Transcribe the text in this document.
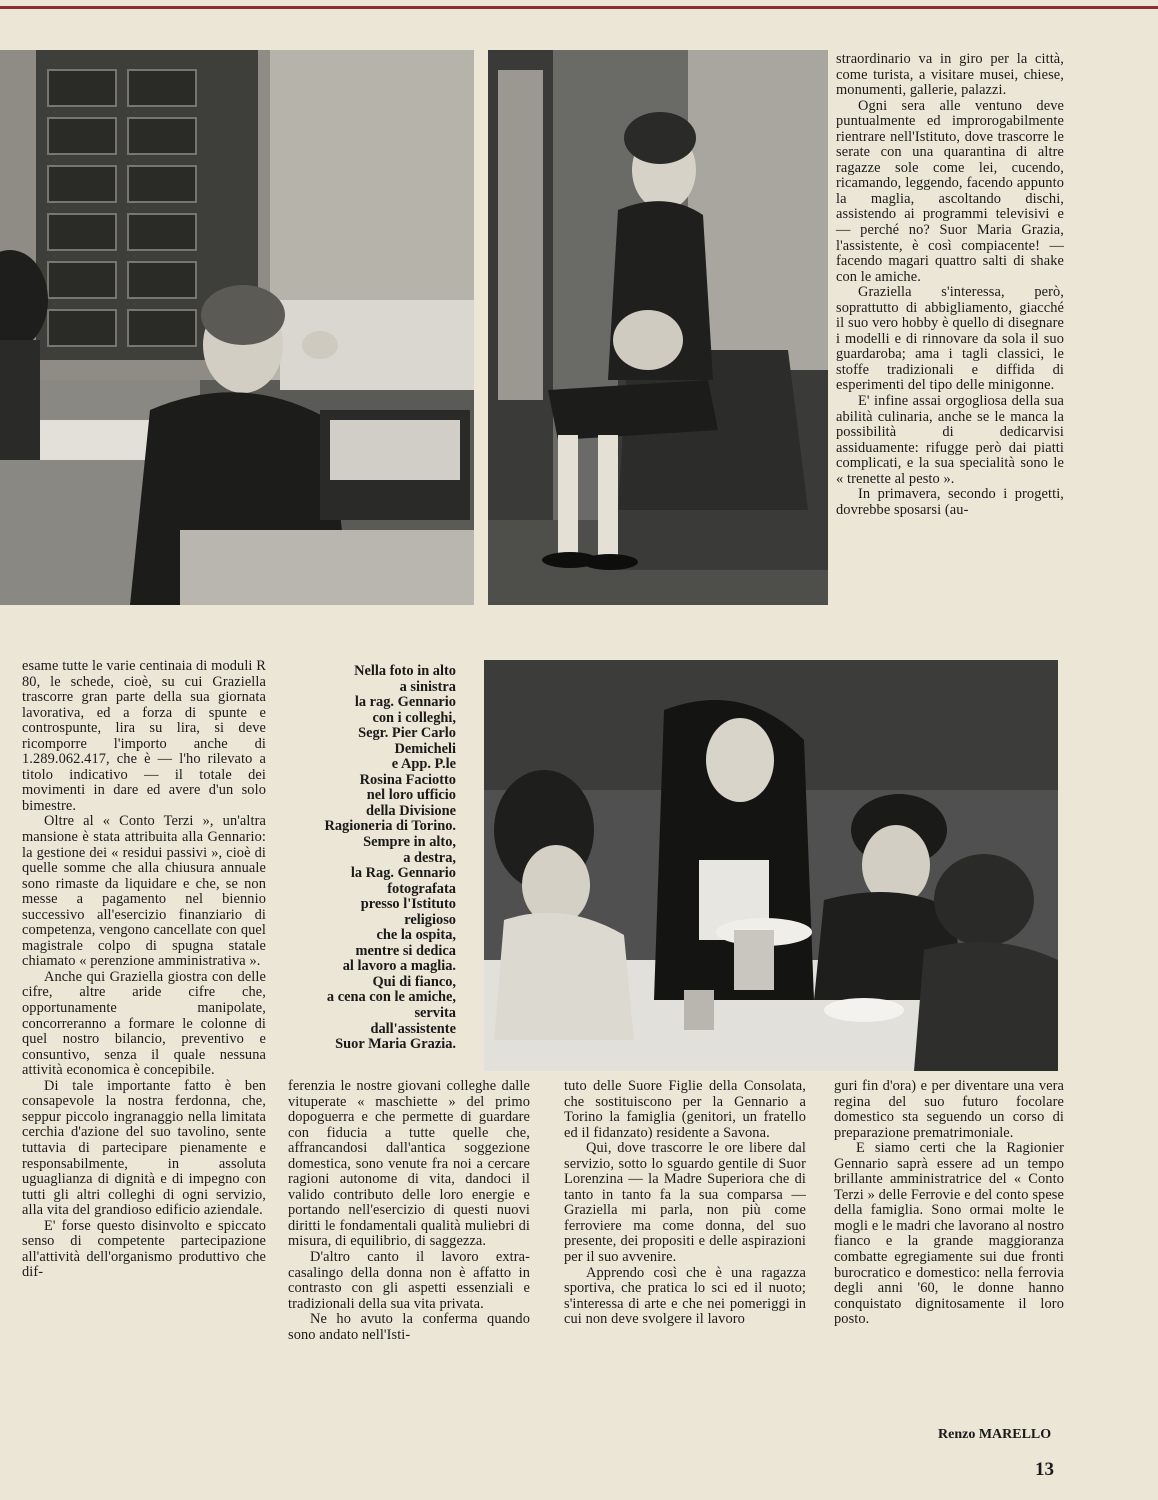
straordinario va in giro per la città, come turista, a visitare musei, chiese, monumenti, gallerie, palazzi.

Ogni sera alle ventuno deve puntualmente ed improrogabilmente rientrare nell'Istituto, dove trascorre le serate con una quarantina di altre ragazze sole come lei, cucendo, ricamando, leggendo, facendo appunto la maglia, ascoltando dischi, assistendo ai programmi televisivi e — perché no? Suor Maria Grazia, l'assistente, è così compiacente! — facendo magari quattro salti di shake con le amiche.

Graziella s'interessa, però, soprattutto di abbigliamento, giacché il suo vero hobby è quello di disegnare i modelli e di rinnovare da sola il suo guardaroba; ama i tagli classici, le stoffe tradizionali e diffida di esperimenti del tipo delle minigonne.

E' infine assai orgogliosa della sua abilità culinaria, anche se le manca la possibilità di dedicarvisi assiduamente: rifugge però dai piatti complicati, e la sua specialità sono le « trenette al pesto ».

In primavera, secondo i progetti, dovrebbe sposarsi (au-

esame tutte le varie centinaia di moduli R 80, le schede, cioè, su cui Graziella trascorre gran parte della sua giornata lavorativa, ed a forza di spunte e controspunte, lira su lira, si deve ricomporre l'importo anche di 1.289.062.417, che è — l'ho rilevato a titolo indicativo — il totale dei movimenti in dare ed avere d'un solo bimestre.

Oltre al « Conto Terzi », un'altra mansione è stata attribuita alla Gennario: la gestione dei « residui passivi », cioè di quelle somme che alla chiusura annuale sono rimaste da liquidare e che, se non messe a pagamento nel biennio successivo all'esercizio finanziario di competenza, vengono cancellate con quel magistrale colpo di spugna statale chiamato « perenzione amministrativa ».

Anche qui Graziella giostra con delle cifre, altre aride cifre che, opportunamente manipolate, concorreranno a formare le colonne di quel nostro bilancio, preventivo e consuntivo, senza il quale nessuna attività economica è concepibile.

Di tale importante fatto è ben consapevole la nostra ferdonna, che, seppur piccolo ingranaggio nella limitata cerchia d'azione del suo tavolino, sente tuttavia di partecipare pienamente e responsabilmente, in assoluta uguaglianza di dignità e di impegno con tutti gli altri colleghi di ogni servizio, alla vita del grandioso edificio aziendale.

E' forse questo disinvolto e spiccato senso di competente partecipazione all'attività dell'organismo produttivo che dif-

Nella foto in alto
a sinistra
la rag. Gennario
con i colleghi,
Segr. Pier Carlo
Demicheli
e App. P.le
Rosina Faciotto
nel loro ufficio
della Divisione
Ragioneria di Torino.
Sempre in alto,
a destra,
la Rag. Gennario
fotografata
presso l'Istituto
religioso
che la ospita,
mentre si dedica
al lavoro a maglia.
Qui di fianco,
a cena con le amiche,
servita
dall'assistente
Suor Maria Grazia.

ferenzia le nostre giovani colleghe dalle vituperate « maschiette » del primo dopoguerra e che permette di guardare con fiducia a tutte quelle che, affrancandosi dall'antica soggezione domestica, sono venute fra noi a cercare ragioni autonome di vita, dandoci il valido contributo delle loro energie e portando nell'esercizio di questi nuovi diritti le fondamentali qualità muliebri di misura, di equilibrio, di saggezza.

D'altro canto il lavoro extra-casalingo della donna non è affatto in contrasto con gli aspetti essenziali e tradizionali della sua vita privata.

Ne ho avuto la conferma quando sono andato nell'Isti-

tuto delle Suore Figlie della Consolata, che sostituiscono per la Gennario a Torino la famiglia (genitori, un fratello ed il fidanzato) residente a Savona.

Qui, dove trascorre le ore libere dal servizio, sotto lo sguardo gentile di Suor Lorenzina — la Madre Superiora che di tanto in tanto fa la sua comparsa — Graziella mi parla, non più come ferroviere ma come donna, del suo presente, dei propositi e delle aspirazioni per il suo avvenire.

Apprendo così che è una ragazza sportiva, che pratica lo sci ed il nuoto; s'interessa di arte e che nei pomeriggi in cui non deve svolgere il lavoro

guri fin d'ora) e per diventare una vera regina del suo futuro focolare domestico sta seguendo un corso di preparazione prematrimoniale.

E siamo certi che la Ragionier Gennario saprà essere ad un tempo brillante amministratrice del « Conto Terzi » delle Ferrovie e del conto spese della famiglia. Sono ormai molte le mogli e le madri che lavorano al nostro fianco e la grande maggioranza combatte egregiamente sui due fronti burocratico e domestico: nella ferrovia degli anni '60, le donne hanno conquistato dignitosamente il loro posto.

Renzo MARELLO
13
